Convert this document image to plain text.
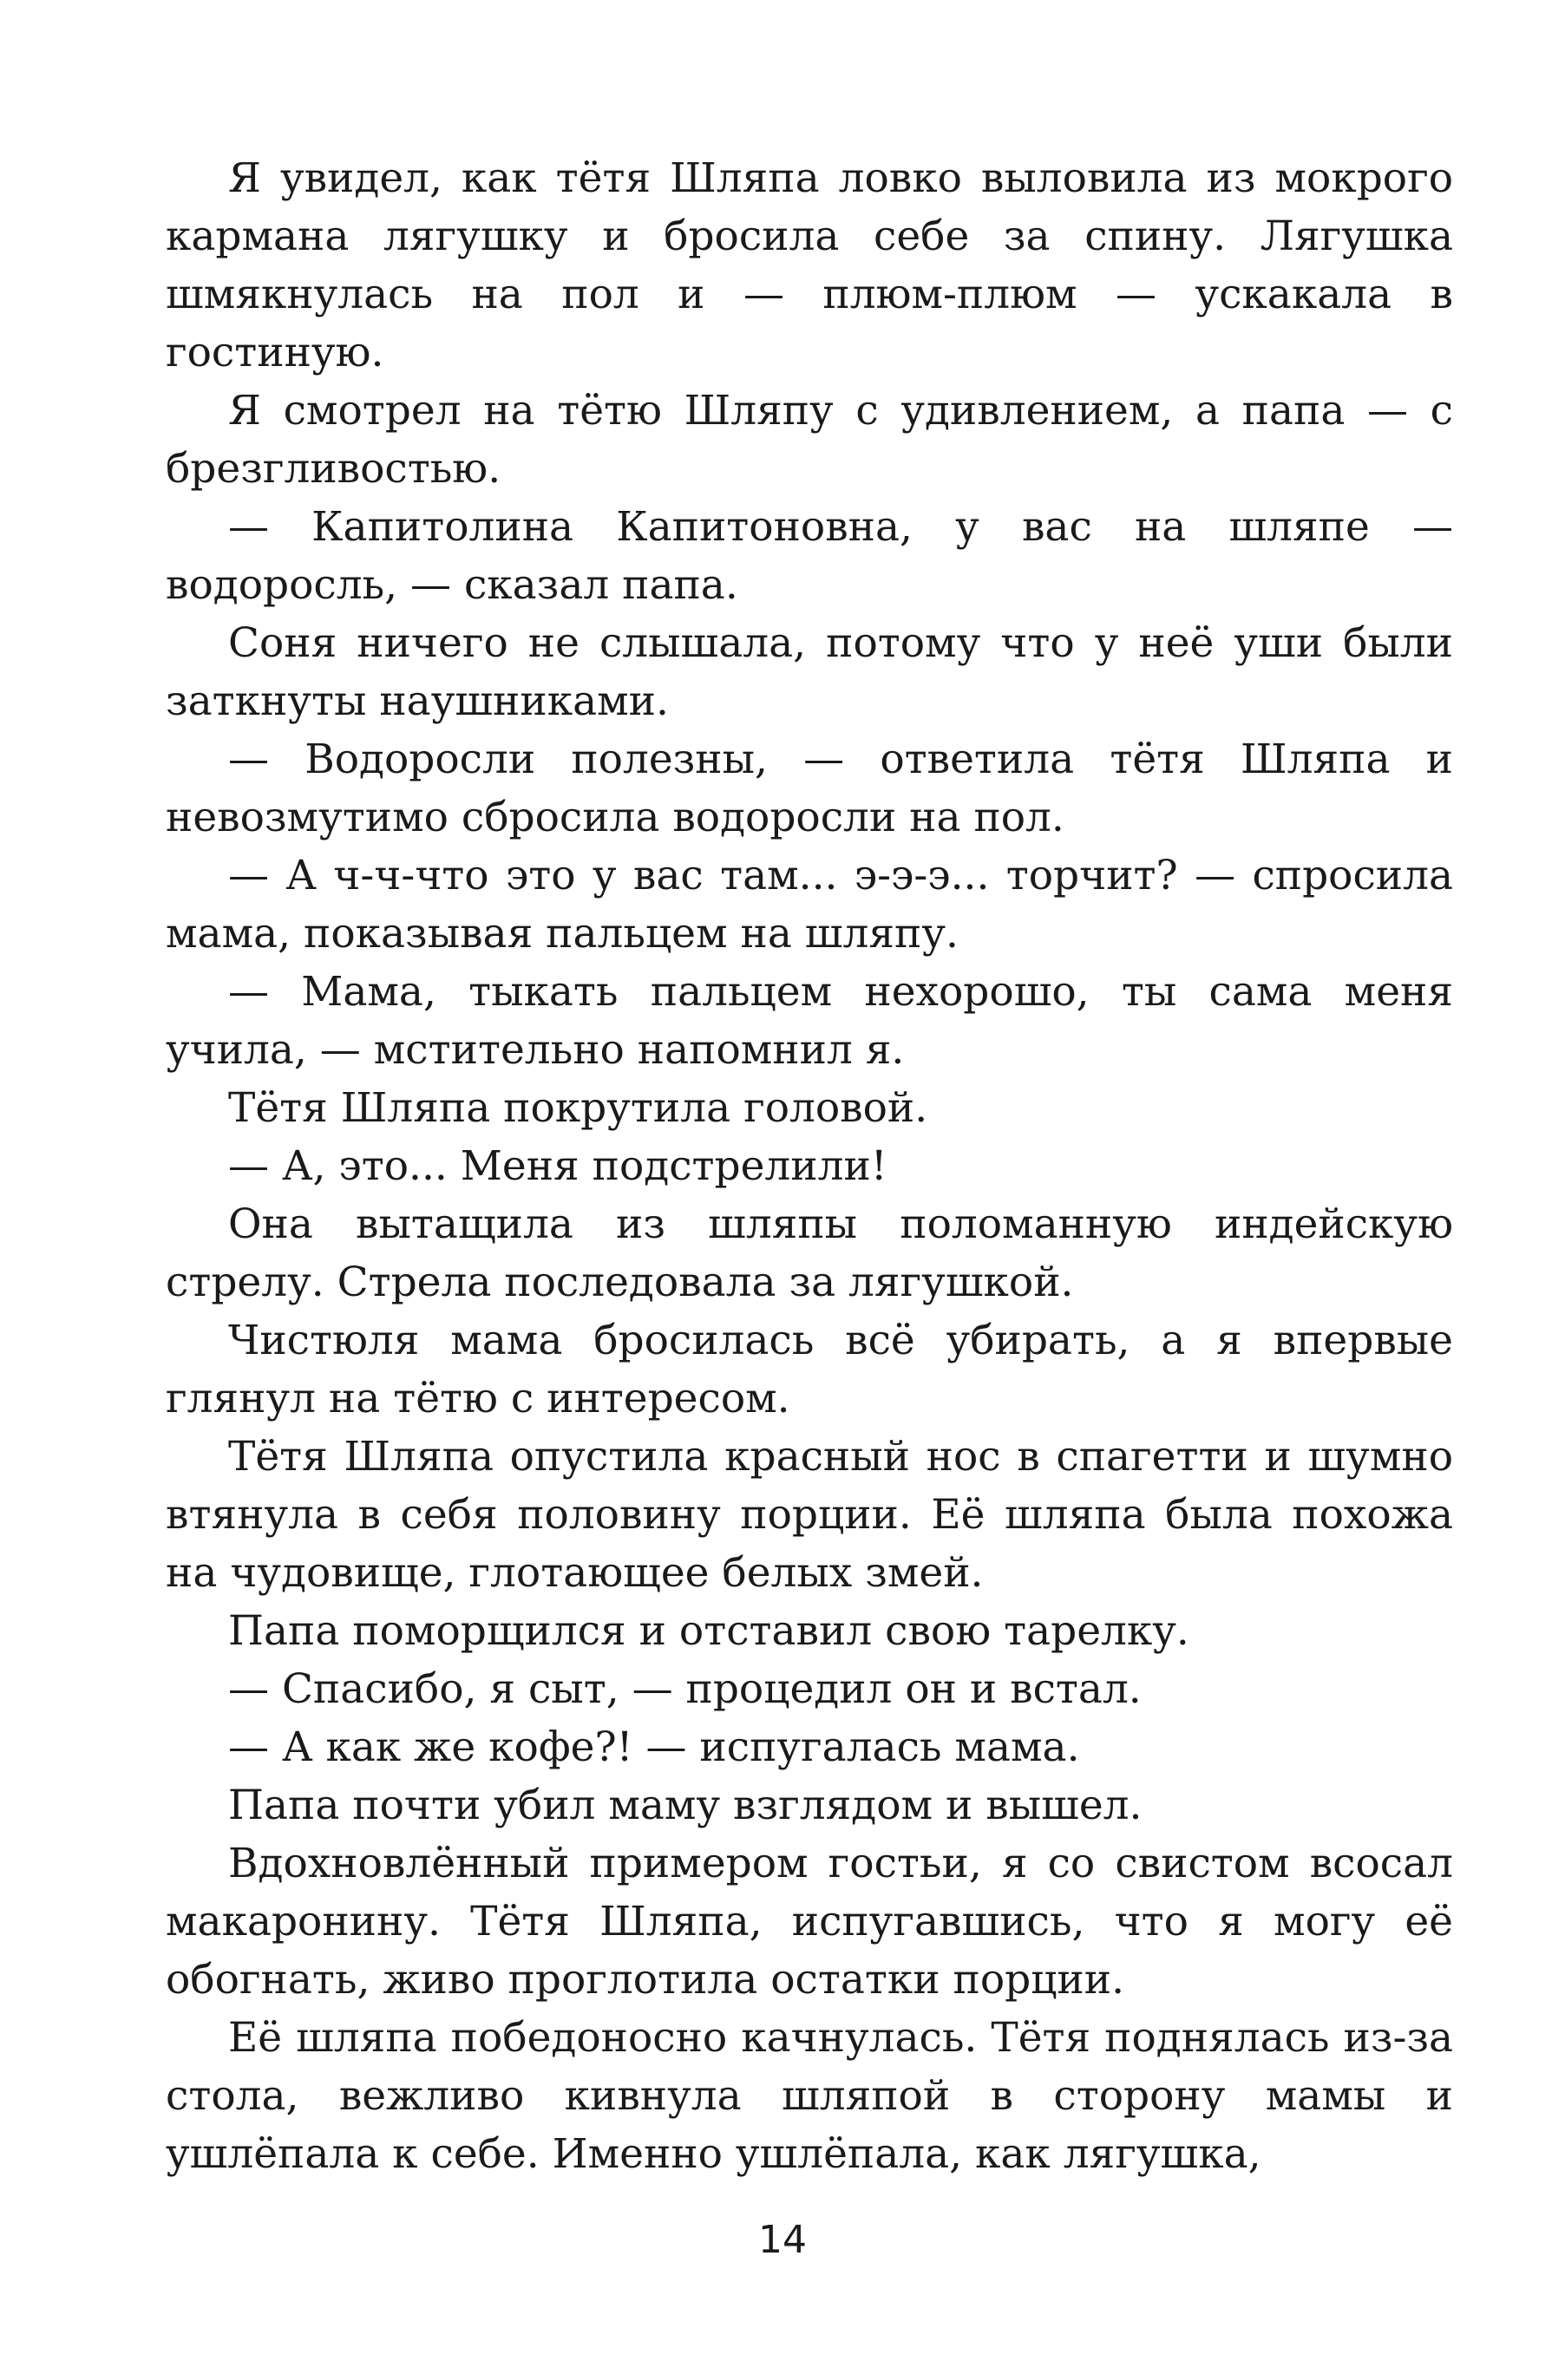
Я увидел, как тётя Шляпа ловко выловила из мокрого кармана лягушку и бросила себе за спину. Лягушка шмякнулась на пол и — плюм-плюм — ускакала в гостиную.

Я смотрел на тётю Шляпу с удивлением, а папа — с брезгливостью.

— Капитолина Капитоновна, у вас на шляпе — водоросль, — сказал папа.

Соня ничего не слышала, потому что у неё уши были заткнуты наушниками.

— Водоросли полезны, — ответила тётя Шляпа и невозмутимо сбросила водоросли на пол.

— А ч-ч-что это у вас там... э-э-э... торчит? — спросила мама, показывая пальцем на шляпу.

— Мама, тыкать пальцем нехорошо, ты сама меня учила, — мстительно напомнил я.

Тётя Шляпа покрутила головой.

— А, это... Меня подстрелили!

Она вытащила из шляпы поломанную индейскую стрелу. Стрела последовала за лягушкой.

Чистюля мама бросилась всё убирать, а я впервые глянул на тётю с интересом.

Тётя Шляпа опустила красный нос в спагетти и шумно втянула в себя половину порции. Её шляпа была похожа на чудовище, глотающее белых змей.

Папа поморщился и отставил свою тарелку.

— Спасибо, я сыт, — процедил он и встал.

— А как же кофе?! — испугалась мама.

Папа почти убил маму взглядом и вышел.

Вдохновлённый примером гостьи, я со свистом всосал макаронину. Тётя Шляпа, испугавшись, что я могу её обогнать, живо проглотила остатки порции.

Её шляпа победоносно качнулась. Тётя поднялась из-за стола, вежливо кивнула шляпой в сторону мамы и ушлёпала к себе. Именно ушлёпала, как лягушка,

14
